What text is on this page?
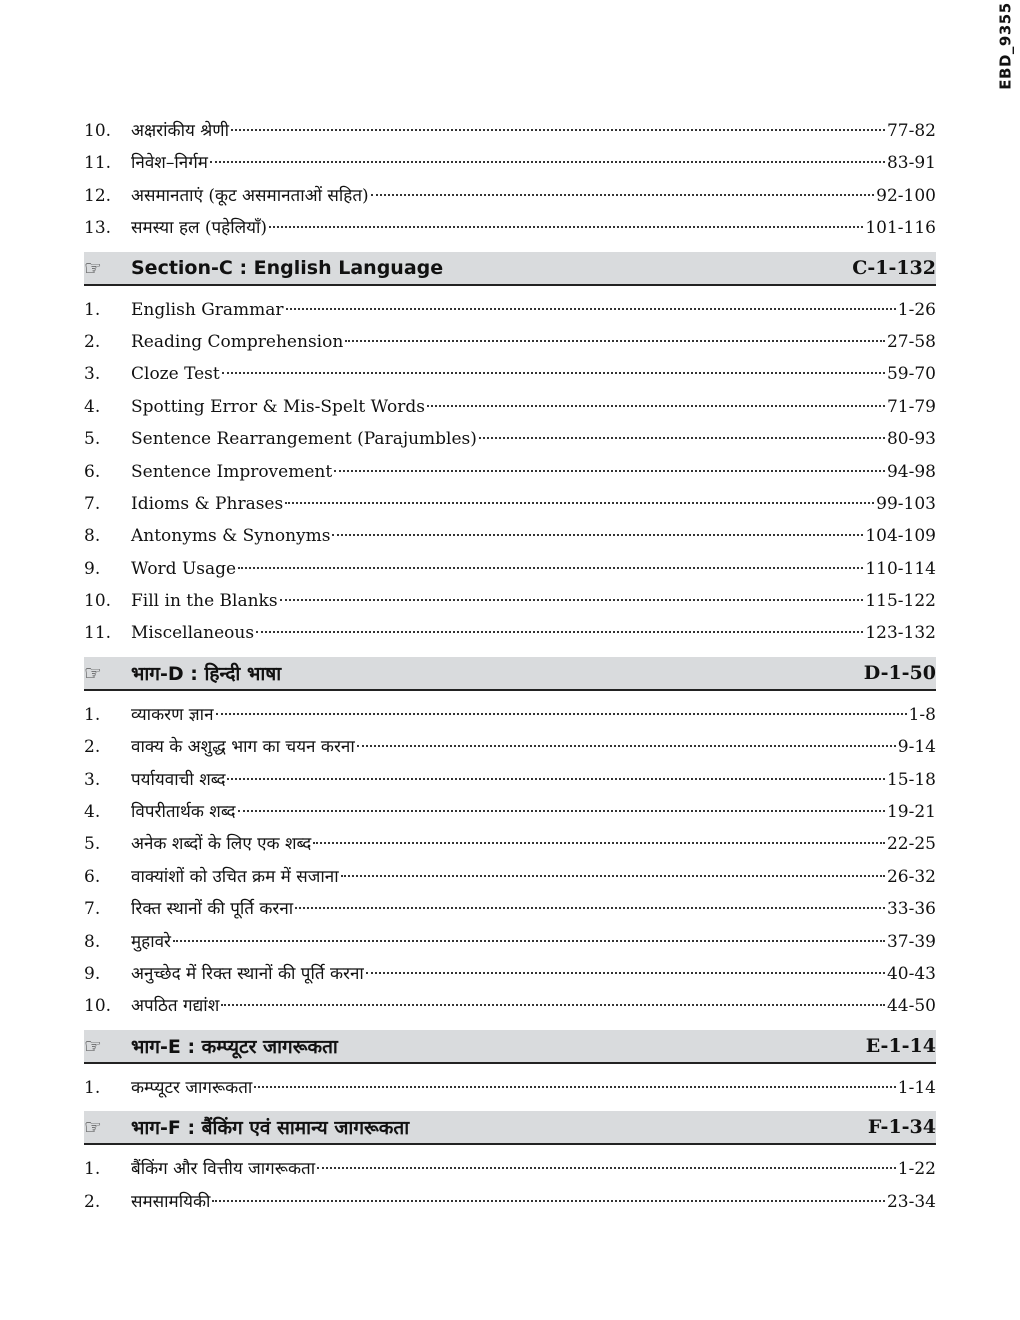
EBD_9355
10.	अक्षरांकीय श्रेणी	77-82
11.	निवेश–निर्गम	83-91
12.	असमानताएं (कूट असमानताओं सहित)	92-100
13.	समस्या हल (पहेलियाँ)	101-116
☞	Section-C : English Language	C-1-132
1.	English Grammar	1-26
2.	Reading Comprehension	27-58
3.	Cloze Test	59-70
4.	Spotting Error & Mis-Spelt Words	71-79
5.	Sentence Rearrangement (Parajumbles)	80-93
6.	Sentence Improvement	94-98
7.	Idioms & Phrases	99-103
8.	Antonyms & Synonyms	104-109
9.	Word Usage	110-114
10.	Fill in the Blanks	115-122
11.	Miscellaneous	123-132
☞	भाग-D : हिन्दी भाषा	D-1-50
1.	व्याकरण ज्ञान	1-8
2.	वाक्य के अशुद्ध भाग का चयन करना	9-14
3.	पर्यायवाची शब्द	15-18
4.	विपरीतार्थक शब्द	19-21
5.	अनेक शब्दों के लिए एक शब्द	22-25
6.	वाक्यांशों को उचित क्रम में सजाना	26-32
7.	रिक्त स्थानों की पूर्ति करना	33-36
8.	मुहावरे	37-39
9.	अनुच्छेद में रिक्त स्थानों की पूर्ति करना	40-43
10.	अपठित गद्यांश	44-50
☞	भाग-E : कम्प्यूटर जागरूकता	E-1-14
1.	कम्प्यूटर जागरूकता	1-14
☞	भाग-F : बैंकिंग एवं सामान्य जागरूकता	F-1-34
1.	बैंकिंग और वित्तीय जागरूकता	1-22
2.	समसामयिकी	23-34
